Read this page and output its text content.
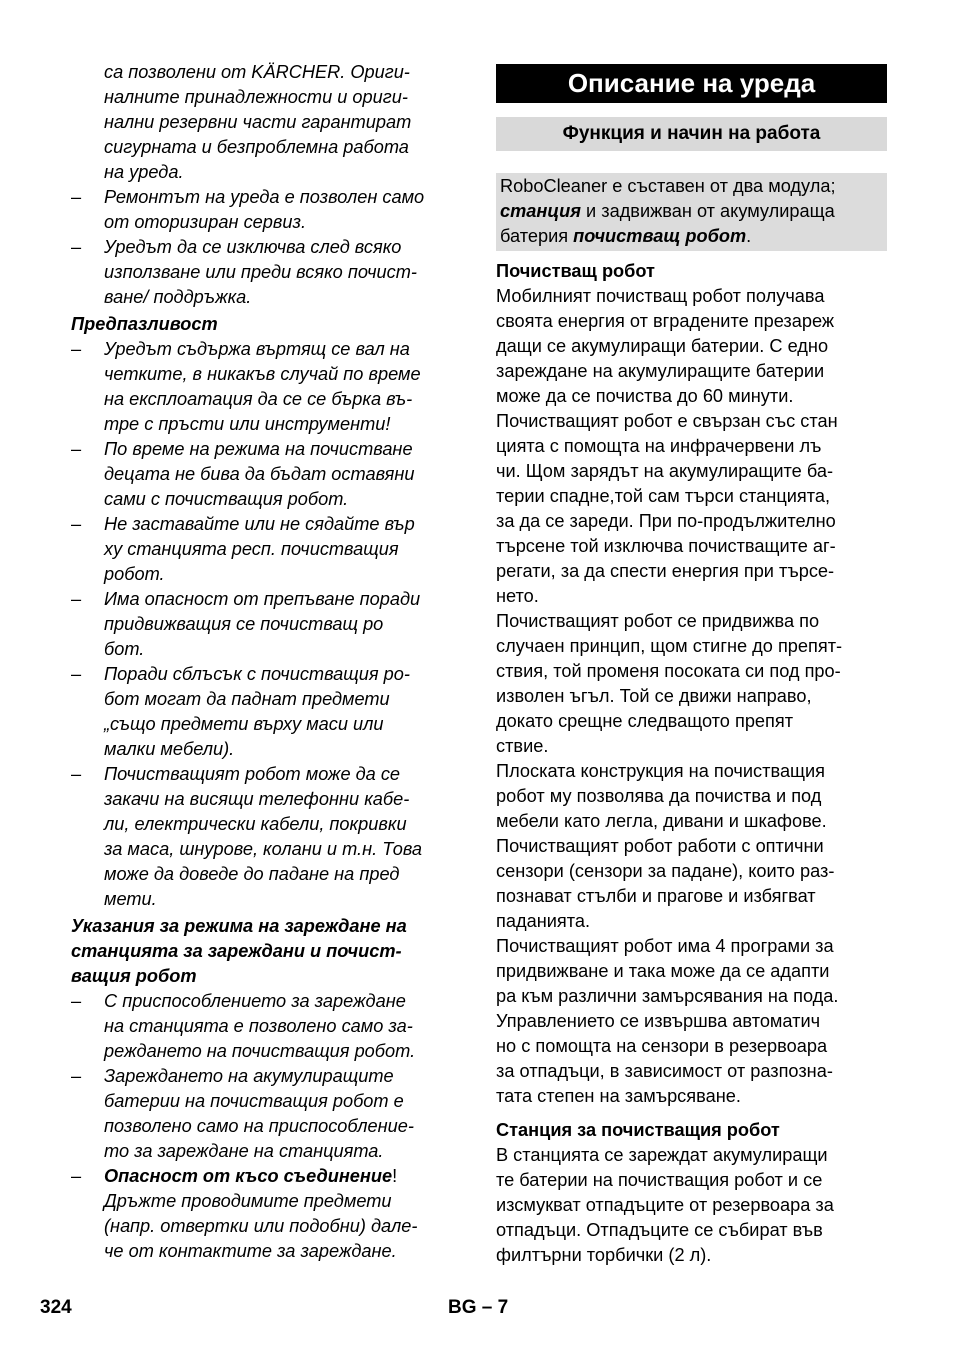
са позволени от KÄRCHER. Ориги-
налните принадлежности и ориги-
нални резервни части гарантират
сигурната и безпроблемна работа
на уреда.
– Ремонтът на уреда е позволен само
от оторизиран сервиз.
– Уредът да се изключва след всяко
използване или преди всяко почист-
ване/ поддръжка.
Предпазливост
– Уредът съдържа въртящ се вал на
четките, в никакъв случай по време
на експлоатация да се се бърка въ-
тре с пръсти или инструменти!
– По време на режима на почистване
децата не бива да бъдат оставяни
сами с почистващия робот.
– Не заставайте или не сядайте вър
ху станцията респ. почистващия
робот.
– Има опасност от препъване поради
придвижващия се почистващ ро
бот.
– Поради сблъсък с почистващия ро-
бот могат да паднат предмети
„също предмети върху маси или
малки мебели).
– Почистващият робот може да се
закачи на висящи телефонни кабе-
ли, електрически кабели, покривки
за маса, шнурове, колани и т.н. Това
може да доведе до падане на пред
мети.
Указания за режима на зареждане на
станцията за зареждани и почист-
ващия робот
– С приспособлението за зареждане
на станцията е позволено само за-
реждането на почистващия робот.
– Зареждането на акумулиращите
батерии на почистващия робот е
позволено само на приспособление-
то за зареждане на станцията.
– Опасност от късо съединение!
Дръжте проводимите предмети
(напр. отвертки или подобни) дале-
че от контактите за зареждане.
Описание на уреда
Функция и начин на работа
RoboCleaner е съставен от два модула;
станция и задвижван от акумулираща
батерия почистващ робот.
Почистващ робот
Мобилният почистващ робот получава
своята енергия от вградените презареж
дащи се акумулиращи батерии. С едно
зареждане на акумулиращите батерии
може да се почиства до 60 минути.
Почистващият робот е свързан със стан
цията с помощта на инфрачервени лъ
чи. Щом зарядът на акумулиращите ба-
терии спадне,той сам търси станцията,
за да се зареди. При по-продължително
търсене той изключва почистващите аг-
регати, за да спести енергия при търсе-
нето.
Почистващият робот се придвижва по
случаен принцип, щом стигне до препят-
ствия, той променя посоката си под про-
изволен ъгъл. Той се движи направо,
докато срещне следващото препят
ствие.
Плоската конструкция на почистващия
робот му позволява да почиства и под
мебели като легла, дивани и шкафове.
Почистващият робот работи с оптични
сензори (сензори за падане), които раз-
познават стълби и прагове и избягват
паданията.
Почистващият робот има 4 програми за
придвижване и така може да се адапти
ра към различни замърсявания на пода.
Управлението се извършва автоматич
но с помощта на сензори в резервоара
за отпадъци, в зависимост от разпозна-
тата степен на замърсяване.
Станция за почистващия робот
В станцията се зареждат акумулиращи
те батерии на почистващия робот и се
изсмукват отпадъците от резервоара за
отпадъци. Отпадъците се събират във
филтърни торбички (2 л).
324	BG – 7
